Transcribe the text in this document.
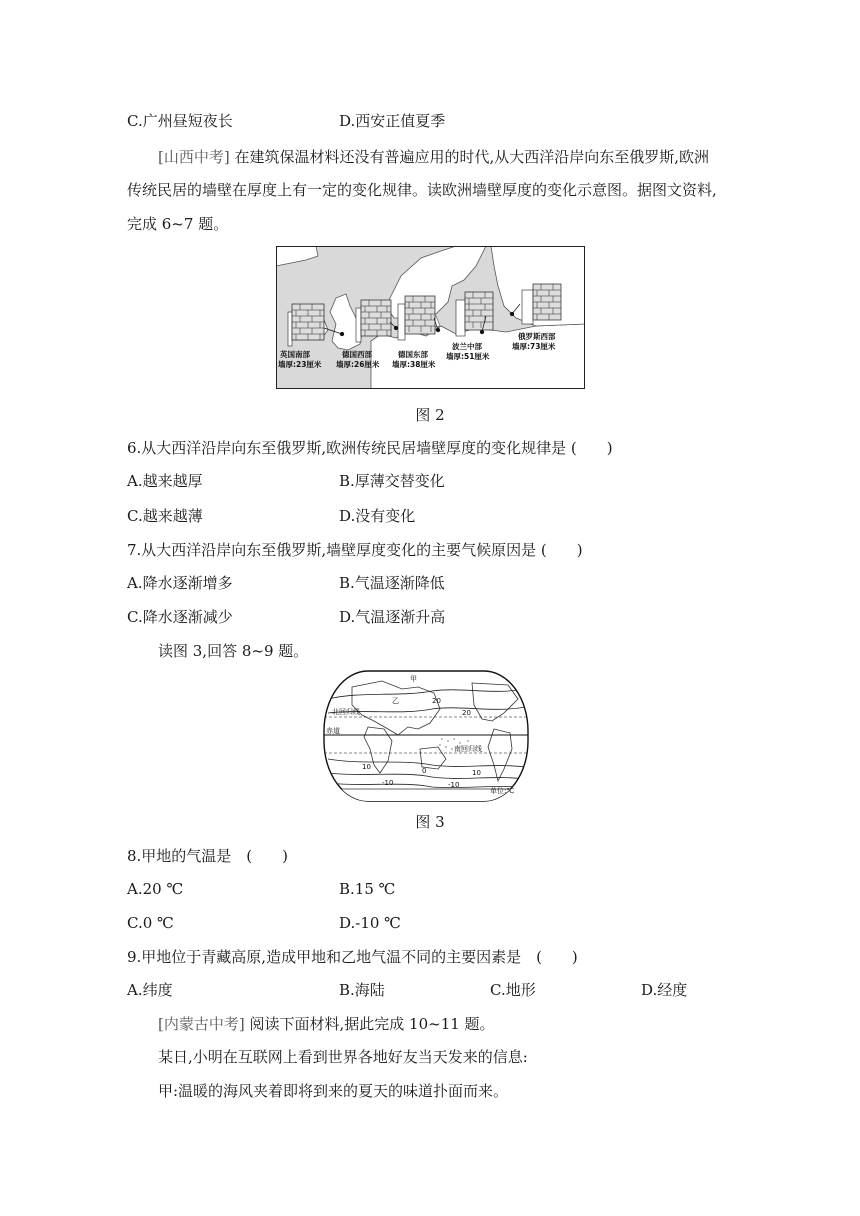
C.广州昼短夜长	D.西安正值夏季
[山西中考] 在建筑保温材料还没有普遍应用的时代,从大西洋沿岸向东至俄罗斯,欧洲
传统民居的墙壁在厚度上有一定的变化规律。读欧洲墙壁厚度的变化示意图。据图文资料,
完成 6~7 题。
英国南部
墙厚:23厘米
德国西部
墙厚:26厘米
德国东部
墙厚:38厘米
波兰中部
墙厚:51厘米
俄罗斯西部
墙厚:73厘米
图 2
6.从大西洋沿岸向东至俄罗斯,欧洲传统民居墙壁厚度的变化规律是 (　　)
A.越来越厚	B.厚薄交替变化
C.越来越薄	D.没有变化
7.从大西洋沿岸向东至俄罗斯,墙壁厚度变化的主要气候原因是 (　　)
A.降水逐渐增多	B.气温逐渐降低
C.降水逐渐减少	D.气温逐渐升高
读图 3,回答 8~9 题。
北回归线
赤道
南回归线
甲
乙	20
20
10
10
0
-10	-10
单位:℃
图 3
8.甲地的气温是　(　　)
A.20 ℃	B.15 ℃
C.0 ℃	D.-10 ℃
9.甲地位于青藏高原,造成甲地和乙地气温不同的主要因素是　(　　)
A.纬度	B.海陆	C.地形	D.经度
[内蒙古中考] 阅读下面材料,据此完成 10~11 题。
某日,小明在互联网上看到世界各地好友当天发来的信息:
甲:温暖的海风夹着即将到来的夏天的味道扑面而来。
